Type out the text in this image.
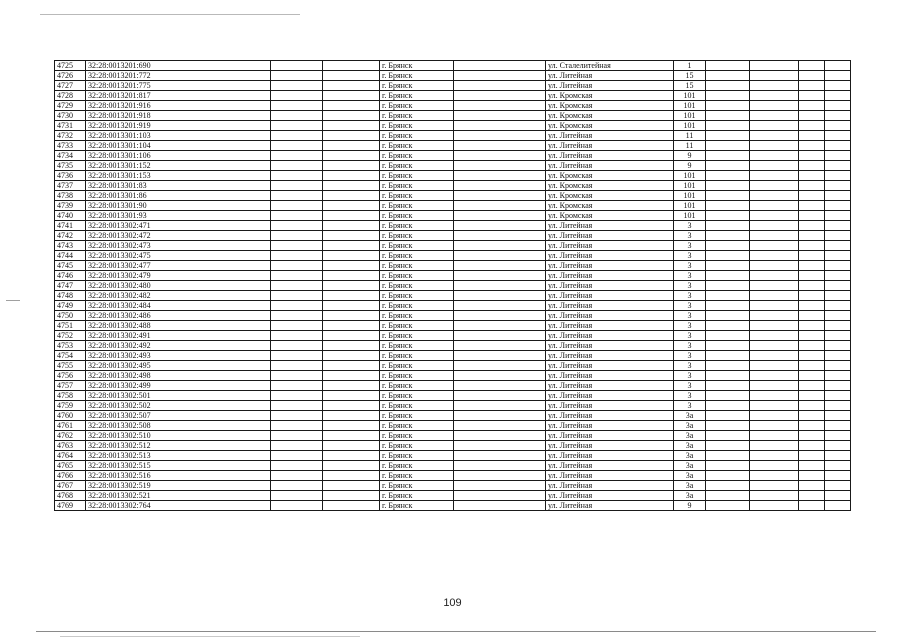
4725	32:28:0013201:690			г. Брянск		ул. Сталелитейная	1				
4726	32:28:0013201:772			г. Брянск		ул. Литейная	15				
4727	32:28:0013201:775			г. Брянск		ул. Литейная	15				
4728	32:28:0013201:817			г. Брянск		ул. Кромская	101				
4729	32:28:0013201:916			г. Брянск		ул. Кромская	101				
4730	32:28:0013201:918			г. Брянск		ул. Кромская	101				
4731	32:28:0013201:919			г. Брянск		ул. Кромская	101				
4732	32:28:0013301:103			г. Брянск		ул. Литейная	11				
4733	32:28:0013301:104			г. Брянск		ул. Литейная	11				
4734	32:28:0013301:106			г. Брянск		ул. Литейная	9				
4735	32:28:0013301:152			г. Брянск		ул. Литейная	9				
4736	32:28:0013301:153			г. Брянск		ул. Кромская	101				
4737	32:28:0013301:83			г. Брянск		ул. Кромская	101				
4738	32:28:0013301:86			г. Брянск		ул. Кромская	101				
4739	32:28:0013301:90			г. Брянск		ул. Кромская	101				
4740	32:28:0013301:93			г. Брянск		ул. Кромская	101				
4741	32:28:0013302:471			г. Брянск		ул. Литейная	3				
4742	32:28:0013302:472			г. Брянск		ул. Литейная	3				
4743	32:28:0013302:473			г. Брянск		ул. Литейная	3				
4744	32:28:0013302:475			г. Брянск		ул. Литейная	3				
4745	32:28:0013302:477			г. Брянск		ул. Литейная	3				
4746	32:28:0013302:479			г. Брянск		ул. Литейная	3				
4747	32:28:0013302:480			г. Брянск		ул. Литейная	3				
4748	32:28:0013302:482			г. Брянск		ул. Литейная	3				
4749	32:28:0013302:484			г. Брянск		ул. Литейная	3				
4750	32:28:0013302:486			г. Брянск		ул. Литейная	3				
4751	32:28:0013302:488			г. Брянск		ул. Литейная	3				
4752	32:28:0013302:491			г. Брянск		ул. Литейная	3				
4753	32:28:0013302:492			г. Брянск		ул. Литейная	3				
4754	32:28:0013302:493			г. Брянск		ул. Литейная	3				
4755	32:28:0013302:495			г. Брянск		ул. Литейная	3				
4756	32:28:0013302:498			г. Брянск		ул. Литейная	3				
4757	32:28:0013302:499			г. Брянск		ул. Литейная	3				
4758	32:28:0013302:501			г. Брянск		ул. Литейная	3				
4759	32:28:0013302:502			г. Брянск		ул. Литейная	3				
4760	32:28:0013302:507			г. Брянск		ул. Литейная	3а				
4761	32:28:0013302:508			г. Брянск		ул. Литейная	3а				
4762	32:28:0013302:510			г. Брянск		ул. Литейная	3а				
4763	32:28:0013302:512			г. Брянск		ул. Литейная	3а				
4764	32:28:0013302:513			г. Брянск		ул. Литейная	3а				
4765	32:28:0013302:515			г. Брянск		ул. Литейная	3а				
4766	32:28:0013302:516			г. Брянск		ул. Литейная	3а				
4767	32:28:0013302:519			г. Брянск		ул. Литейная	3а				
4768	32:28:0013302:521			г. Брянск		ул. Литейная	3а				
4769	32:28:0013302:764			г. Брянск		ул. Литейная	9				
109
